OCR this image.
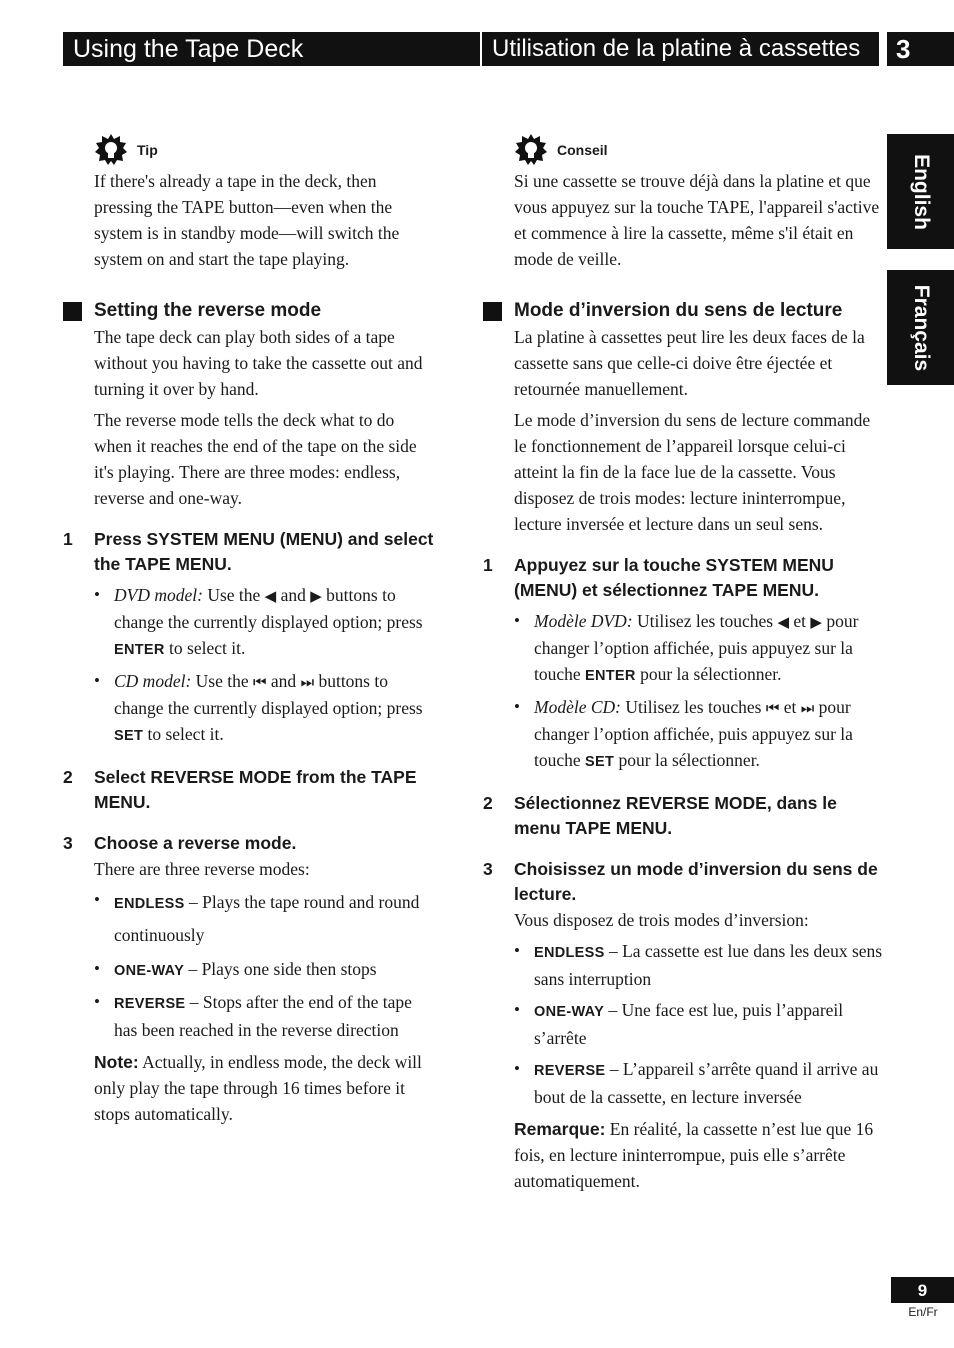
Using the Tape Deck	Utilisation de la platine à cassettes	3
English
Français
Tip

If there's already a tape in the deck, then pressing the TAPE button—even when the system is in standby mode—will switch the system on and start the tape playing.

Setting the reverse mode

The tape deck can play both sides of a tape without you having to take the cassette out and turning it over by hand.

The reverse mode tells the deck what to do when it reaches the end of the tape on the side it's playing. There are three modes: endless, reverse and one-way.

1	Press SYSTEM MENU (MENU) and select the TAPE MENU.
• DVD model: Use the ◀ and ▶ buttons to change the currently displayed option; press ENTER to select it.

• CD model: Use the ⏮ and ⏭ buttons to change the currently displayed option; press SET to select it.

2	Select REVERSE MODE from the TAPE MENU.
3	Choose a reverse mode.

There are three reverse modes:

• ENDLESS – Plays the tape round and round continuously

• ONE-WAY – Plays one side then stops

• REVERSE – Stops after the end of the tape has been reached in the reverse direction

Note: Actually, in endless mode, the deck will only play the tape through 16 times before it stops automatically.

Conseil

Si une cassette se trouve déjà dans la platine et que vous appuyez sur la touche TAPE, l'appareil s'active et commence à lire la cassette, même s'il était en mode de veille.

Mode d’inversion du sens de lecture

La platine à cassettes peut lire les deux faces de la cassette sans que celle-ci doive être éjectée et retournée manuellement.

Le mode d’inversion du sens de lecture commande le fonctionnement de l’appareil lorsque celui-ci atteint la fin de la face lue de la cassette. Vous disposez de trois modes: lecture ininterrompue, lecture inversée et lecture dans un seul sens.

1	Appuyez sur la touche SYSTEM MENU (MENU) et sélectionnez TAPE MENU.
• Modèle DVD: Utilisez les touches ◀ et ▶ pour changer l’option affichée, puis appuyez sur la touche ENTER pour la sélectionner.

• Modèle CD: Utilisez les touches ⏮ et ⏭ pour changer l’option affichée, puis appuyez sur la touche SET pour la sélectionner.

2	Sélectionnez REVERSE MODE, dans le menu TAPE MENU.
3	Choisissez un mode d’inversion du sens de lecture.

Vous disposez de trois modes d’inversion:

• ENDLESS – La cassette est lue dans les deux sens sans interruption

• ONE-WAY – Une face est lue, puis l’appareil s’arrête

• REVERSE – L’appareil s’arrête quand il arrive au bout de la cassette, en lecture inversée

Remarque: En réalité, la cassette n’est lue que 16 fois, en lecture ininterrompue, puis elle s’arrête automatiquement.

9
En/Fr
